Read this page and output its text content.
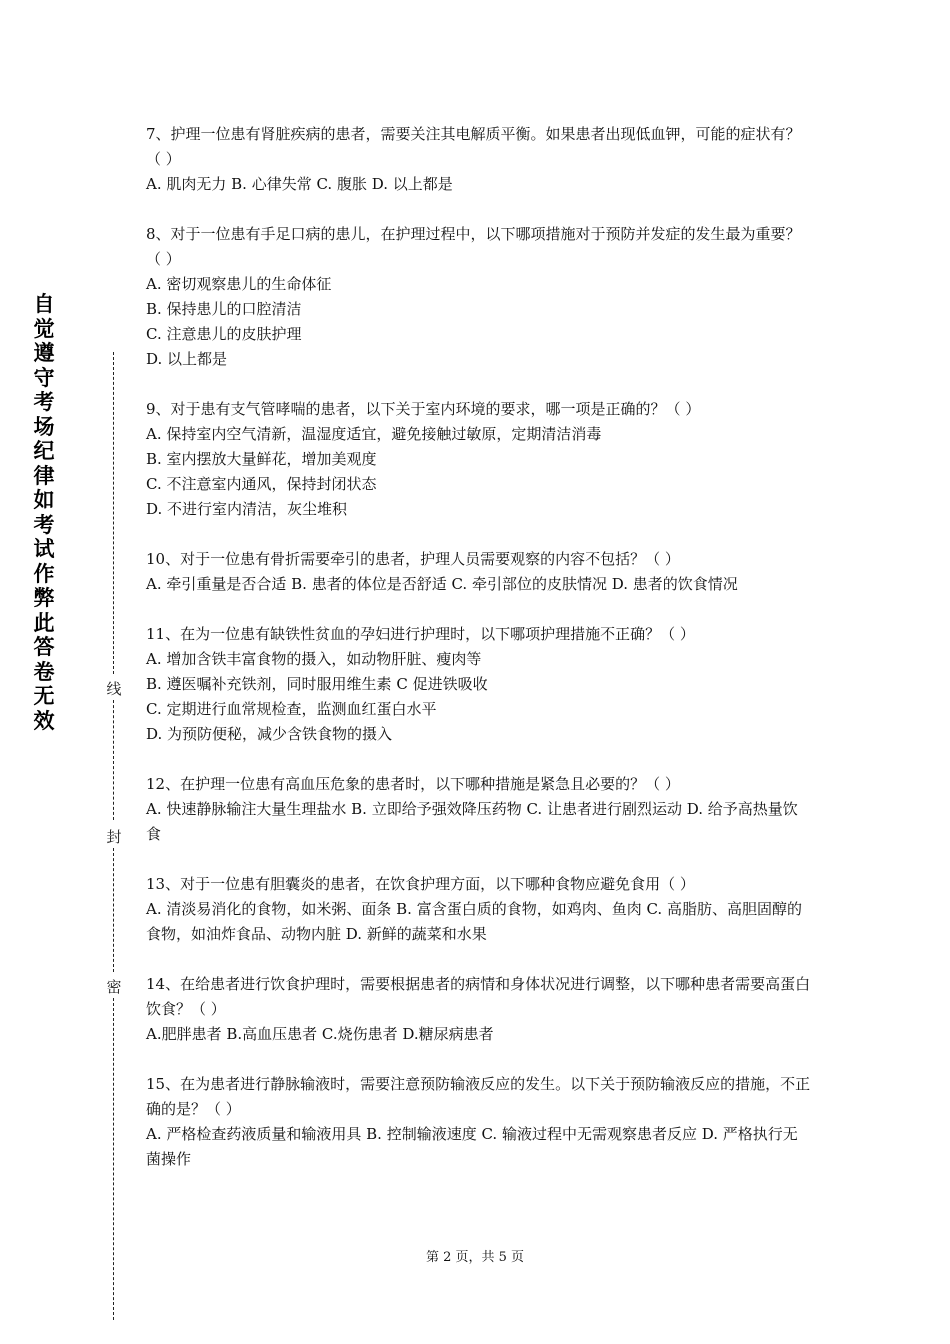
自
觉
遵
守
考
场
纪
律
如
考
试
作
弊
此
答
卷
无
效
线
封
密
7、护理一位患有肾脏疾病的患者，需要关注其电解质平衡。如果患者出现低血钾，可能的症状有？（ ）
A. 肌肉无力 B. 心律失常 C. 腹胀 D. 以上都是
8、对于一位患有手足口病的患儿，在护理过程中，以下哪项措施对于预防并发症的发生最为重要？（ ）
A. 密切观察患儿的生命体征
B. 保持患儿的口腔清洁
C. 注意患儿的皮肤护理
D. 以上都是
9、对于患有支气管哮喘的患者，以下关于室内环境的要求，哪一项是正确的？（ ）
A. 保持室内空气清新，温湿度适宜，避免接触过敏原，定期清洁消毒
B. 室内摆放大量鲜花，增加美观度
C. 不注意室内通风，保持封闭状态
D. 不进行室内清洁，灰尘堆积
10、对于一位患有骨折需要牵引的患者，护理人员需要观察的内容不包括？（ ）
A. 牵引重量是否合适 B. 患者的体位是否舒适 C. 牵引部位的皮肤情况 D. 患者的饮食情况
11、在为一位患有缺铁性贫血的孕妇进行护理时，以下哪项护理措施不正确？（ ）
A. 增加含铁丰富食物的摄入，如动物肝脏、瘦肉等
B. 遵医嘱补充铁剂，同时服用维生素 C 促进铁吸收
C. 定期进行血常规检查，监测血红蛋白水平
D. 为预防便秘，减少含铁食物的摄入
12、在护理一位患有高血压危象的患者时，以下哪种措施是紧急且必要的？（ ）
A. 快速静脉输注大量生理盐水 B. 立即给予强效降压药物 C. 让患者进行剧烈运动 D. 给予高热量饮食
13、对于一位患有胆囊炎的患者，在饮食护理方面，以下哪种食物应避免食用（ ）
A. 清淡易消化的食物，如米粥、面条 B. 富含蛋白质的食物，如鸡肉、鱼肉 C. 高脂肪、高胆固醇的食物，如油炸食品、动物内脏 D. 新鲜的蔬菜和水果
14、在给患者进行饮食护理时，需要根据患者的病情和身体状况进行调整，以下哪种患者需要高蛋白饮食？（ ）
A.肥胖患者 B.高血压患者 C.烧伤患者 D.糖尿病患者
15、在为患者进行静脉输液时，需要注意预防输液反应的发生。以下关于预防输液反应的措施，不正确的是？（ ）
A. 严格检查药液质量和输液用具 B. 控制输液速度 C. 输液过程中无需观察患者反应 D. 严格执行无菌操作
第 2 页，共 5 页
